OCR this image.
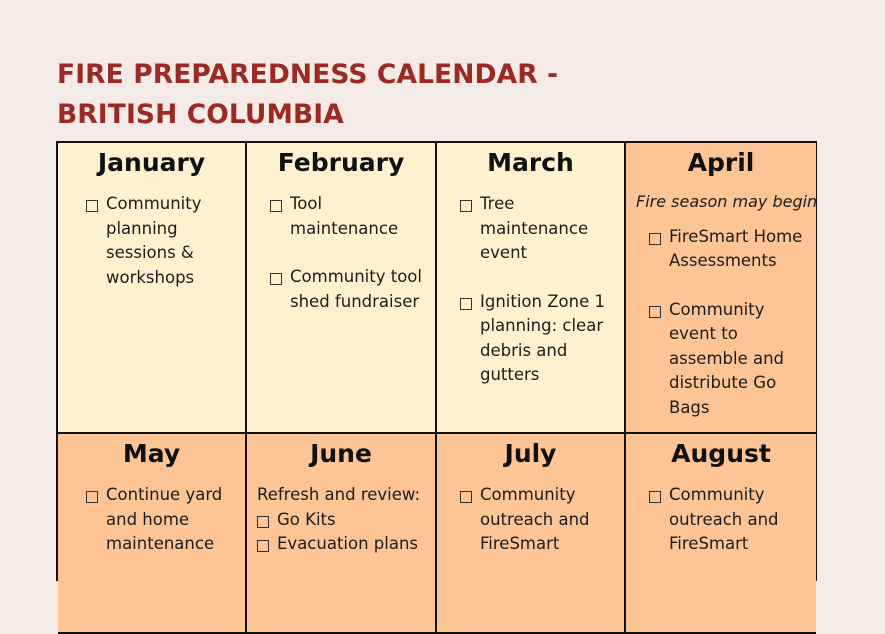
FIRE PREPAREDNESS CALENDAR -
BRITISH COLUMBIA
January
Community planning sessions & workshops
February
Tool maintenance
Community tool shed fundraiser
March
Tree maintenance event
Ignition Zone 1 planning: clear debris and gutters
April
Fire season may begin
FireSmart Home Assessments
Community event to assemble and distribute Go Bags
May
Continue yard and home maintenance
June
Refresh and review:
Go Kits
Evacuation plans
July
Community outreach and FireSmart
August
Community outreach and FireSmart
